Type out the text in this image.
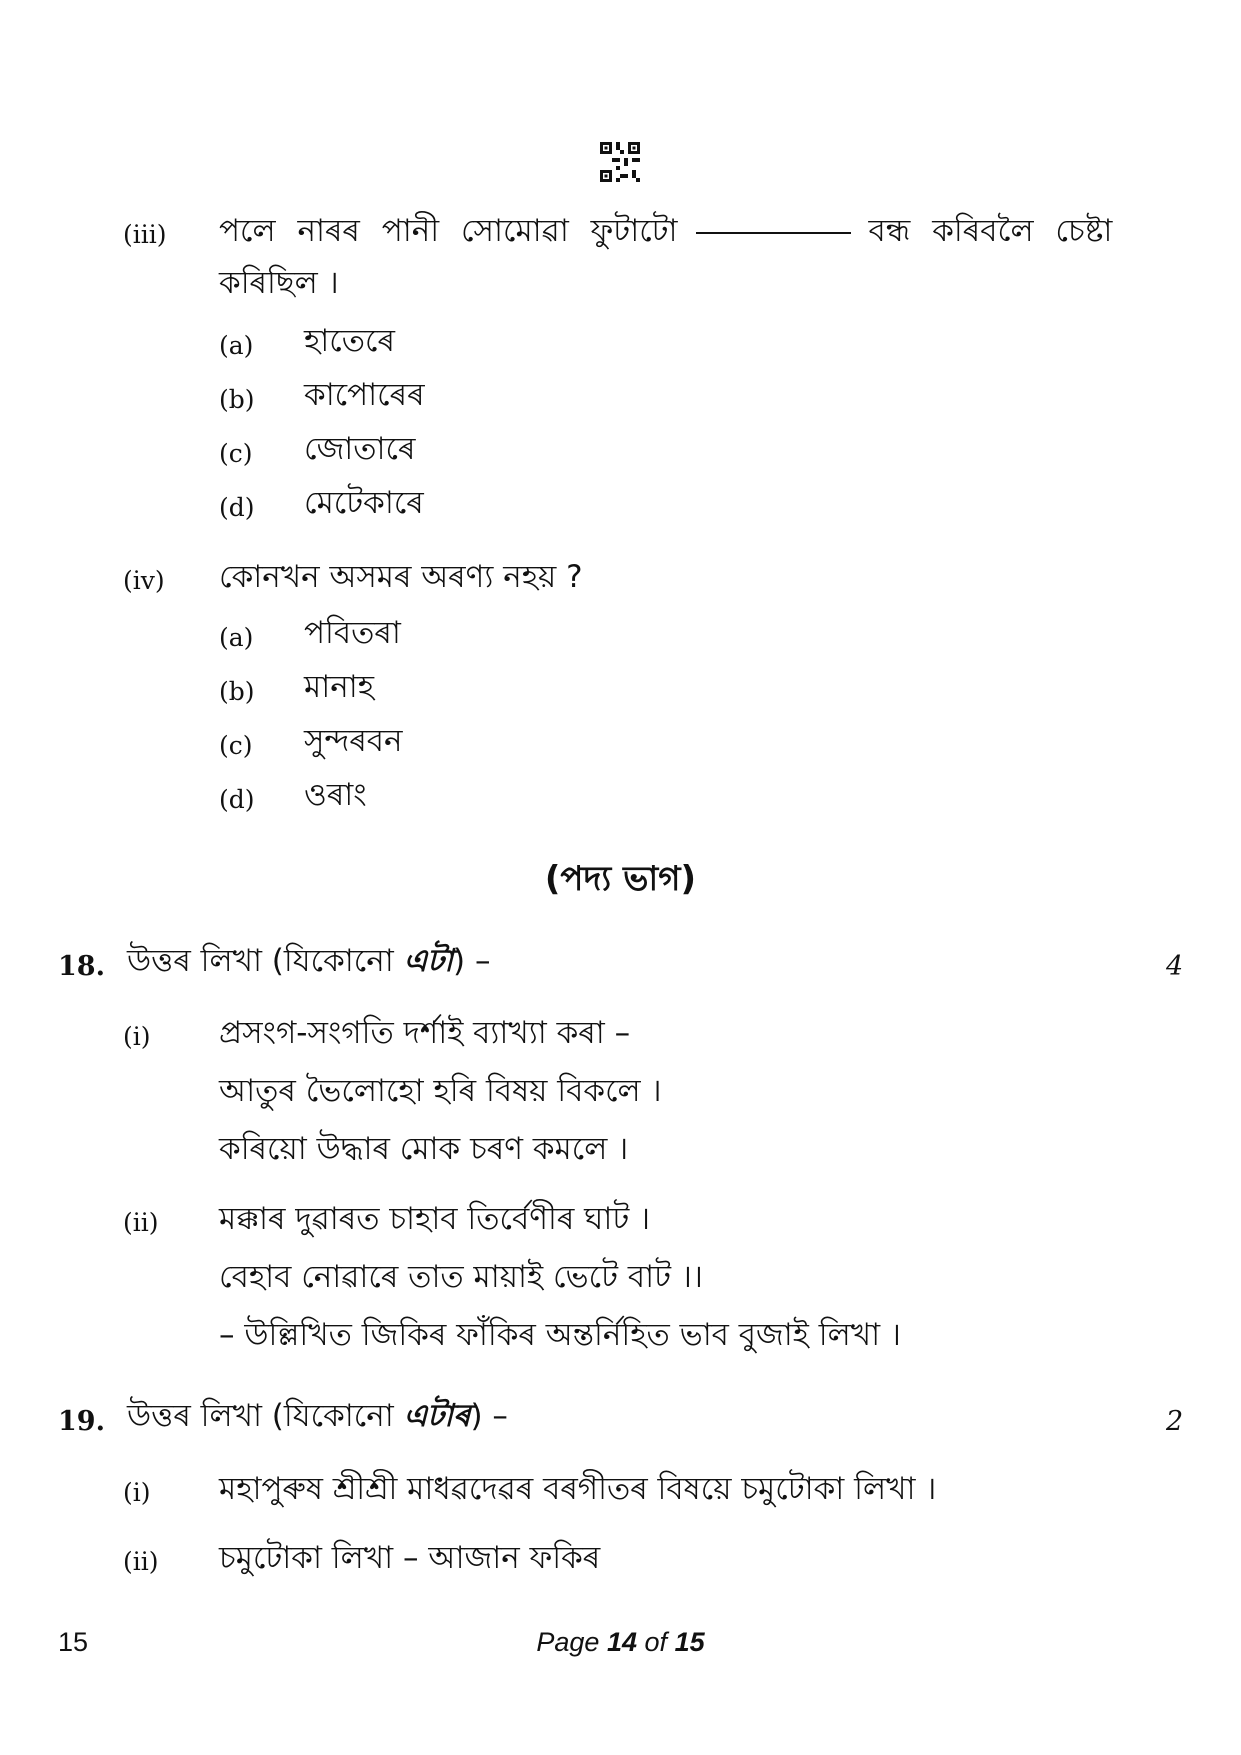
(iii) পলে নাৰৰ পানী সোমোৱা ফুটাটো	বন্ধ কৰিবলৈ চেষ্টা
কৰিছিল ।
(a) হাতেৰে
(b) কাপোৰেৰ
(c) জোতাৰে
(d) মেটেকাৰে
(iv) কোনখন অসমৰ অৰণ্য নহয় ?
(a) পবিতৰা
(b) মানাহ
(c) সুন্দৰবন
(d) ওৰাং
(পদ্য ভাগ)
18. উত্তৰ লিখা (যিকোনো এটা) –	4
(i) প্ৰসংগ-সংগতি দৰ্শাই ব্যাখ্যা কৰা –
আতুৰ ভৈলোহো হৰি বিষয় বিকলে ।
কৰিয়ো উদ্ধাৰ মোক চৰণ কমলে ।
(ii) মক্কাৰ দুৱাৰত চাহাব তিৰ্বেণীৰ ঘাট ।
বেহাব নোৱাৰে তাত মায়াই ভেটে বাট ।।
– উল্লিখিত জিকিৰ ফাঁকিৰ অন্তৰ্নিহিত ভাব বুজাই লিখা ।
19. উত্তৰ লিখা (যিকোনো এটাৰ) –	2
(i) মহাপুৰুষ শ্ৰীশ্ৰী মাধৱদেৱৰ বৰগীতৰ বিষয়ে চমুটোকা লিখা ।
(ii) চমুটোকা লিখা – আজান ফকিৰ
15	Page 14 of 15
